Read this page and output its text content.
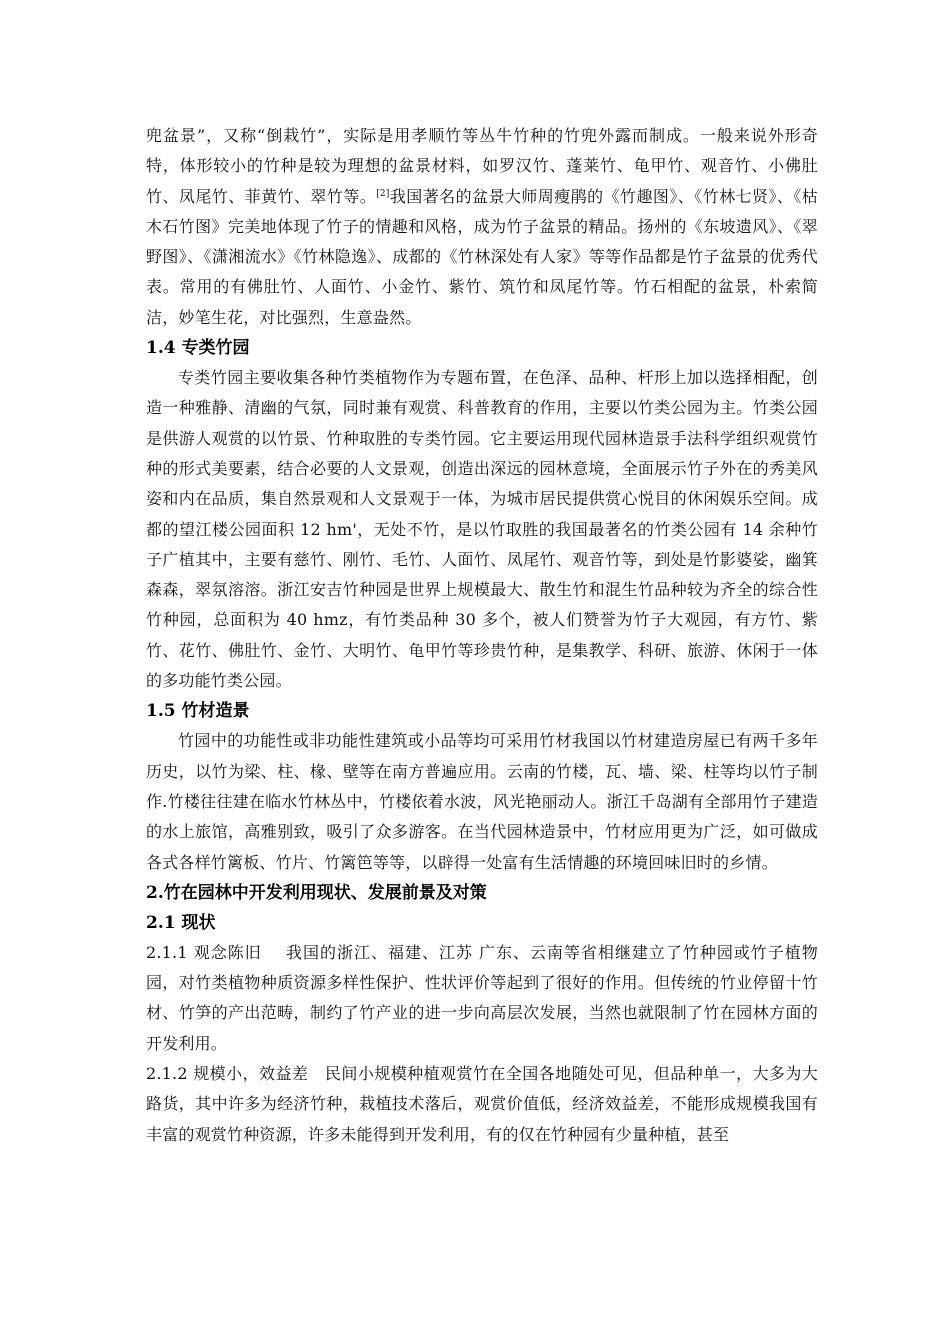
兜盆景”，又称“倒栽竹”，实际是用孝顺竹等丛牛竹种的竹兜外露而制成。一般来说外形奇特，体形较小的竹种是较为理想的盆景材料，如罗汉竹、蓬莱竹、龟甲竹、观音竹、小佛肚竹、凤尾竹、菲黄竹、翠竹等。[2]我国著名的盆景大师周瘦鹃的《竹趣图》、《竹林七贤》、《枯木石竹图》完美地体现了竹子的情趣和风格，成为竹子盆景的精品。扬州的《东坡遗风》、《翠野图》、《潇湘流水》《竹林隐逸》、成都的《竹林深处有人家》等等作品都是竹子盆景的优秀代表。常用的有佛肚竹、人面竹、小金竹、紫竹、筑竹和凤尾竹等。竹石相配的盆景，朴索简洁，妙笔生花，对比强烈，生意盎然。

1.4 专类竹园

专类竹园主要收集各种竹类植物作为专题布置，在色泽、品种、杆形上加以选择相配，创造一种雅静、清幽的气氛，同时兼有观赏、科普教育的作用，主要以竹类公园为主。竹类公园是供游人观赏的以竹景、竹种取胜的专类竹园。它主要运用现代园林造景手法科学组织观赏竹种的形式美要素，结合必要的人文景观，创造出深远的园林意境，全面展示竹子外在的秀美风姿和内在品质，集自然景观和人文景观于一体，为城市居民提供赏心悦目的休闲娱乐空间。成都的望江楼公园面积 12 hm'，无处不竹，是以竹取胜的我国最著名的竹类公园有 14 余种竹子广植其中，主要有慈竹、刚竹、毛竹、人面竹、凤尾竹、观音竹等，到处是竹影婆娑，幽箕森森，翠氛溶溶。浙江安吉竹种园是世界上规模最大、散生竹和混生竹品种较为齐全的综合性竹种园，总面积为 40 hmz，有竹类品种 30 多个，被人们赞誉为竹子大观园，有方竹、紫竹、花竹、佛肚竹、金竹、大明竹、龟甲竹等珍贵竹种，是集教学、科研、旅游、休闲于一体的多功能竹类公园。

1.5 竹材造景

竹园中的功能性或非功能性建筑或小品等均可采用竹材我国以竹材建造房屋已有两千多年历史，以竹为梁、柱、椽、壁等在南方普遍应用。云南的竹楼，瓦、墙、梁、柱等均以竹子制作.竹楼往往建在临水竹林丛中，竹楼依着水波，风光艳丽动人。浙江千岛湖有全部用竹子建造的水上旅馆，高雅别致，吸引了众多游客。在当代园林造景中，竹材应用更为广泛，如可做成各式各样竹篱板、竹片、竹篱笆等等，以辟得一处富有生活情趣的环境回味旧时的乡情。

2.竹在园林中开发利用现状、发展前景及对策
2.1 现状

2.1.1 观念陈旧 我国的浙江、福建、江苏 广东、云南等省相继建立了竹种园或竹子植物园，对竹类植物种质资源多样性保护、性状评价等起到了很好的作用。但传统的竹业停留十竹材、竹笋的产出范畴，制约了竹产业的进一步向高层次发展，当然也就限制了竹在园林方面的开发利用。

2.1.2 规模小，效益差 民间小规模种植观赏竹在全国各地随处可见，但品种单一，大多为大路货，其中许多为经济竹种，栽植技术落后，观赏价值低，经济效益差，不能形成规模我国有丰富的观赏竹种资源，许多未能得到开发利用，有的仅在竹种园有少量种植，甚至
